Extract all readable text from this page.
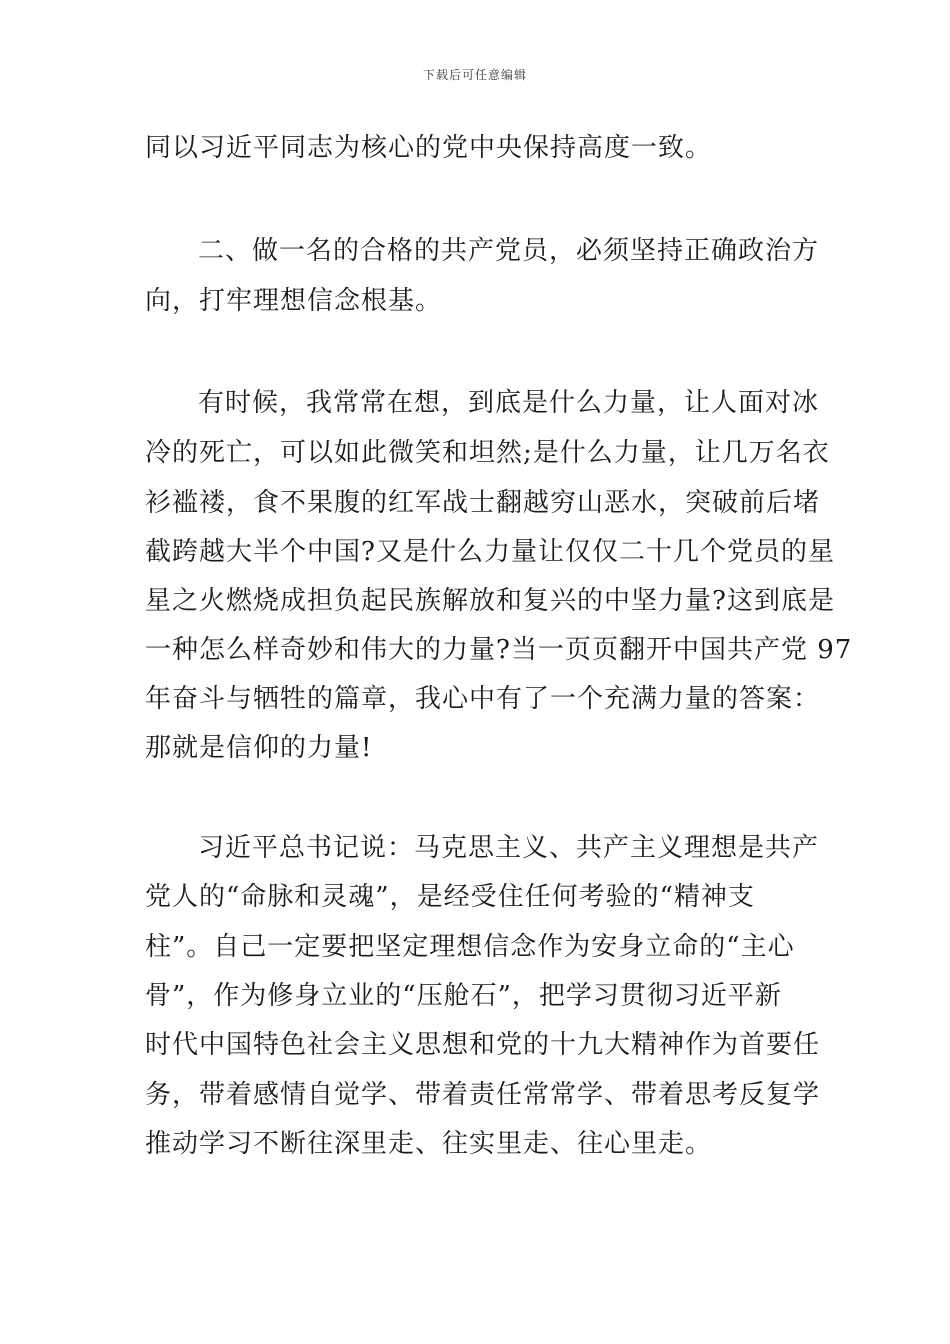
下载后可任意编辑
同以习近平同志为核心的党中央保持高度一致。
二、做一名的合格的共产党员，必须坚持正确政治方
向，打牢理想信念根基。
有时候，我常常在想，到底是什么力量，让人面对冰
冷的死亡，可以如此微笑和坦然;是什么力量，让几万名衣
衫褴褛，食不果腹的红军战士翻越穷山恶水，突破前后堵
截跨越大半个中国?又是什么力量让仅仅二十几个党员的星
星之火燃烧成担负起民族解放和复兴的中坚力量?这到底是
一种怎么样奇妙和伟大的力量?当一页页翻开中国共产党 97
年奋斗与牺牲的篇章，我心中有了一个充满力量的答案：
那就是信仰的力量!
习近平总书记说：马克思主义、共产主义理想是共产
党人的“命脉和灵魂”，是经受住任何考验的“精神支
柱”。自己一定要把坚定理想信念作为安身立命的“主心
骨”，作为修身立业的“压舱石”，把学习贯彻习近平新
时代中国特色社会主义思想和党的十九大精神作为首要任
务，带着感情自觉学、带着责任常常学、带着思考反复学
推动学习不断往深里走、往实里走、往心里走。
